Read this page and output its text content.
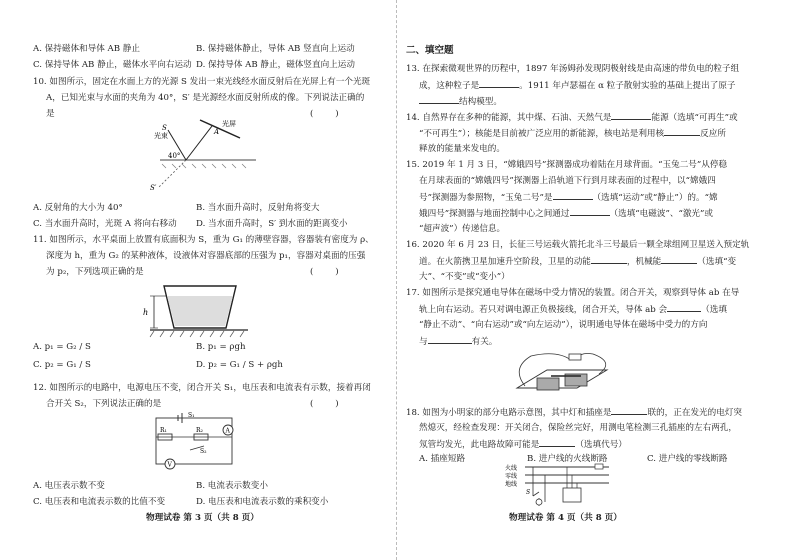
A. 保持磁体和导体 AB 静止	B. 保持磁体静止，导体 AB 竖直向上运动
C. 保持导体 AB 静止，磁体水平向右运动 D. 保持导体 AB 静止，磁体竖直向上运动
10. 如图所示，固定在水面上方的光源 S 发出一束光线经水面反射后在光屏上有一个光斑
A，已知光束与水面的夹角为 40°，S′ 是光源经水面反射所成的像。下列说法正确的
是	(        )
光束
光屏
40°
A
S
S′
A. 反射角的大小为 40°	B. 当水面升高时，反射角将变大
C. 当水面升高时，光斑 A 将向右移动 D. 当水面升高时，S′ 到水面的距离变小
11. 如图所示，水平桌面上放置有底面积为 S，重为 G₁ 的薄壁容器，容器装有密度为 ρ、
深度为 h，重为 G₂ 的某种液体，设液体对容器底部的压强为 p₁，容器对桌面的压强
为 p₂，下列选项正确的是	(        )
h
A. p₁ = G₂ / S	B. p₁ = ρgh
C. p₂ = G₁ / S	D. p₂ = G₁ / S + ρgh
12. 如图所示的电路中，电源电压不变，闭合开关 S₁，电压表和电流表有示数，接着再闭
合开关 S₂，下列说法正确的是	(        )
S₁
R₁	R₂
S₂
A
V
A. 电压表示数不变	B. 电流表示数变小
C. 电压表和电流表示数的比值不变	D. 电压表和电流表示数的乘积变小
物理试卷 第 3 页（共 8 页）
二、填空题
13. 在探索微观世界的历程中，1897 年汤姆孙发现阴极射线是由高速的带负电的粒子组
成，这种粒子是	。1911 年卢瑟福在 α 粒子散射实验的基础上提出了原子
结构模型。
14. 自然界存在多种的能源，其中煤、石油、天然气是	能源（选填“可再生”或
“不可再生”）；核能是目前被广泛应用的新能源，核电站是利用核	反应所
释放的能量来发电的。
15. 2019 年 1 月 3 日，“嫦娥四号”探测器成功着陆在月球背面。“玉兔二号”从停稳
在月球表面的“嫦娥四号”探测器上沿轨道下行到月球表面的过程中，以“嫦娥四
号”探测器为参照物，“玉兔二号”是	（选填“运动”或“静止”）的。“嫦
娥四号”探测器与地面控制中心之间通过	（选填“电磁波”、“激光”或
“超声波”）传递信息。
16. 2020 年 6 月 23 日，长征三号运载火箭托北斗三号最后一颗全球组网卫星送入预定轨
道。在火箭携卫星加速升空阶段，卫星的动能	，机械能	（选填“变
大”、“不变”或“变小”）
17. 如图所示是探究通电导体在磁场中受力情况的装置。闭合开关，观察到导体 ab 在导
轨上向右运动。若只对调电源正负极接线，闭合开关，导体 ab 会	（选填
“静止不动”、“向右运动”或“向左运动”），说明通电导体在磁场中受力的方向
与	有关。
18. 如图为小明家的部分电路示意图，其中灯和插座是	联的，正在发光的电灯突
然熄灭，经检查发现：开关闭合，保险丝完好，用测电笔检测三孔插座的左右两孔，
氖管均发光，此电路故障可能是	（选填代号）
A. 插座短路	B. 进户线的火线断路	C. 进户线的零线断路
火线
零线
地线
S
物理试卷 第 4 页（共 8 页）
